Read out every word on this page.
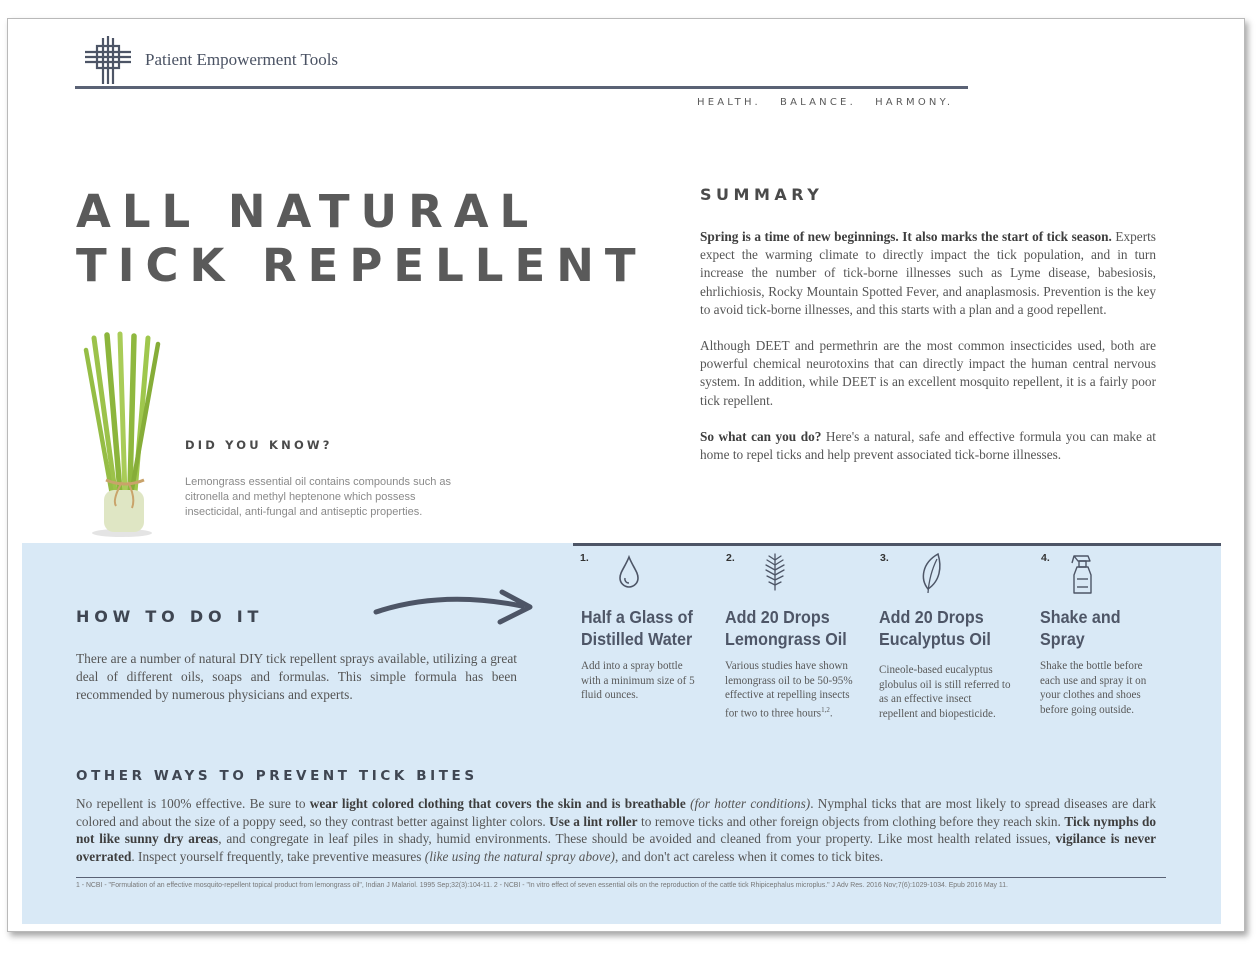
Patient Empowerment Tools
HEALTH.   BALANCE.   HARMONY.
ALL NATURAL
TICK REPELLENT
SUMMARY

Spring is a time of new beginnings. It also marks the start of tick season. Experts expect the warming climate to directly impact the tick population, and in turn increase the number of tick-borne illnesses such as Lyme disease, babesiosis, ehrlichiosis, Rocky Mountain Spotted Fever, and anaplasmosis. Prevention is the key to avoid tick-borne illnesses, and this starts with a plan and a good repellent.

Although DEET and permethrin are the most common insecticides used, both are powerful chemical neurotoxins that can directly impact the human central nervous system. In addition, while DEET is an excellent mosquito repellent, it is a fairly poor tick repellent.

So what can you do? Here's a natural, safe and effective formula you can make at home to repel ticks and help prevent associated tick-borne illnesses.

DID YOU KNOW?
Lemongrass essential oil contains compounds such as citronella and methyl heptenone which possess insecticidal, anti-fungal and antiseptic properties.
HOW TO DO IT
There are a number of natural DIY tick repellent sprays available, utilizing a great deal of different oils, soaps and formulas. This simple formula has been recommended by numerous physicians and experts.
1.
Half a Glass of
Distilled Water
Add into a spray bottle with a minimum size of 5 fluid ounces.
2.
Add 20 Drops
Lemongrass Oil
Various studies have shown lemongrass oil to be 50-95% effective at repelling insects for two to three hours$^{1,2}$.
3.
Add 20 Drops
Eucalyptus Oil
Cineole-based eucalyptus globulus oil is still referred to as an effective insect repellent and biopesticide.
4.
Shake and
Spray
Shake the bottle before each use and spray it on your clothes and shoes before going outside.
OTHER WAYS TO PREVENT TICK BITES
No repellent is 100% effective. Be sure to wear light colored clothing that covers the skin and is breathable (for hotter conditions). Nymphal ticks that are most likely to spread diseases are dark colored and about the size of a poppy seed, so they contrast better against lighter colors. Use a lint roller to remove ticks and other foreign objects from clothing before they reach skin. Tick nymphs do not like sunny dry areas, and congregate in leaf piles in shady, humid environments. These should be avoided and cleaned from your property. Like most health related issues, vigilance is never overrated. Inspect yourself frequently, take preventive measures (like using the natural spray above), and don't act careless when it comes to tick bites.
1 - NCBI - "Formulation of an effective mosquito-repellent topical product from lemongrass oil", Indian J Malariol. 1995 Sep;32(3):104-11. 2 - NCBI - "In vitro effect of seven essential oils on the reproduction of the cattle tick Rhipicephalus microplus." J Adv Res. 2016 Nov;7(6):1029-1034. Epub 2016 May 11.
